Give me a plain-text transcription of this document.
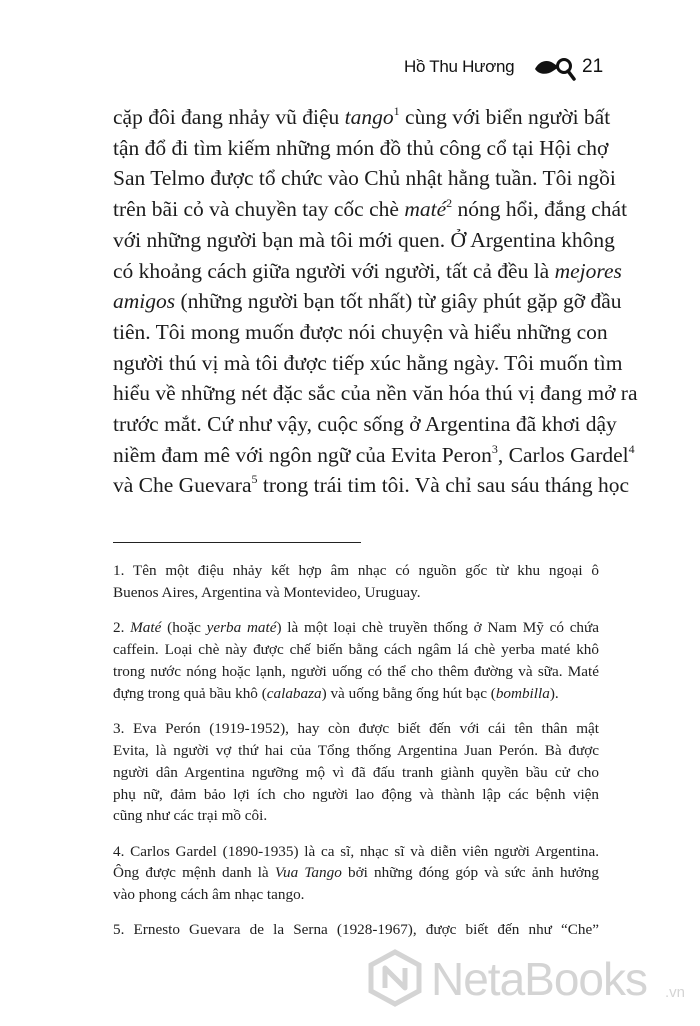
Hồ Thu Hương	21
cặp đôi đang nhảy vũ điệu tango$^1$ cùng với biển người bất
tận đổ đi tìm kiếm những món đồ thủ công cổ tại Hội chợ
San Telmo được tổ chức vào Chủ nhật hằng tuần. Tôi ngồi
trên bãi cỏ và chuyền tay cốc chè maté$^2$ nóng hổi, đắng chát
với những người bạn mà tôi mới quen. Ở Argentina không
có khoảng cách giữa người với người, tất cả đều là mejores
amigos (những người bạn tốt nhất) từ giây phút gặp gỡ đầu
tiên. Tôi mong muốn được nói chuyện và hiểu những con
người thú vị mà tôi được tiếp xúc hằng ngày. Tôi muốn tìm
hiểu về những nét đặc sắc của nền văn hóa thú vị đang mở ra
trước mắt. Cứ như vậy, cuộc sống ở Argentina đã khơi dậy
niềm đam mê với ngôn ngữ của Evita Peron$^3$, Carlos Gardel$^4$
và Che Guevara$^5$ trong trái tim tôi. Và chỉ sau sáu tháng học
1. Tên một điệu nhảy kết hợp âm nhạc có nguồn gốc từ khu ngoại ô
Buenos Aires, Argentina và Montevideo, Uruguay.
2. Maté (hoặc yerba maté) là một loại chè truyền thống ở Nam Mỹ có chứa
caffein. Loại chè này được chế biến bằng cách ngâm lá chè yerba maté khô
trong nước nóng hoặc lạnh, người uống có thể cho thêm đường và sữa. Maté
đựng trong quả bầu khô (calabaza) và uống bằng ống hút bạc (bombilla).
3. Eva Perón (1919-1952), hay còn được biết đến với cái tên thân mật
Evita, là người vợ thứ hai của Tổng thống Argentina Juan Perón. Bà được
người dân Argentina ngưỡng mộ vì đã đấu tranh giành quyền bầu cử cho
phụ nữ, đảm bảo lợi ích cho người lao động và thành lập các bệnh viện
cũng như các trại mồ côi.
4. Carlos Gardel (1890-1935) là ca sĩ, nhạc sĩ và diễn viên người Argentina.
Ông được mệnh danh là Vua Tango bởi những đóng góp và sức ảnh hưởng
vào phong cách âm nhạc tango.
5. Ernesto Guevara de la Serna (1928-1967), được biết đến như “Che”
NetaBooks .vn
